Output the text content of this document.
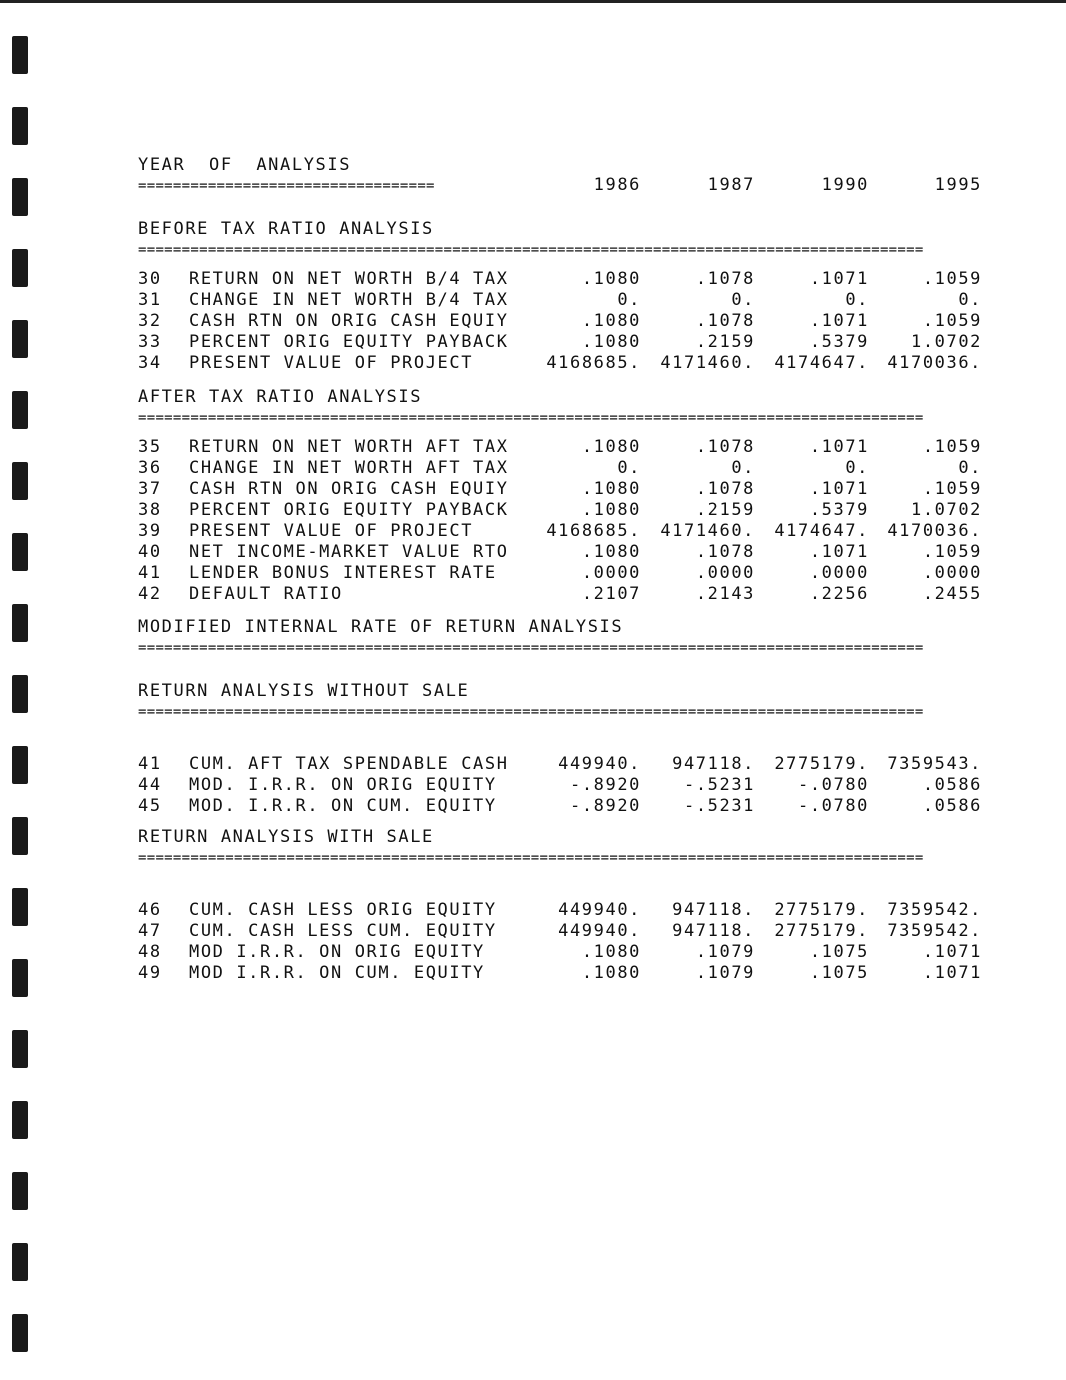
YEAR  OF  ANALYSIS
==================================	1986	1987	1990	1995
BEFORE TAX RATIO ANALYSIS
==========================================================================================
30 RETURN ON NET WORTH B/4 TAX	.1080	.1078	.1071	.1059
31 CHANGE IN NET WORTH B/4 TAX	0.	0.	0.	0.
32 CASH RTN ON ORIG CASH EQUIY	.1080	.1078	.1071	.1059
33 PERCENT ORIG EQUITY PAYBACK	.1080	.2159	.5379	1.0702
34 PRESENT VALUE OF PROJECT	4168685.	4171460.	4174647.	4170036.
AFTER TAX RATIO ANALYSIS
==========================================================================================
35 RETURN ON NET WORTH AFT TAX	.1080	.1078	.1071	.1059
36 CHANGE IN NET WORTH AFT TAX	0.	0.	0.	0.
37 CASH RTN ON ORIG CASH EQUIY	.1080	.1078	.1071	.1059
38 PERCENT ORIG EQUITY PAYBACK	.1080	.2159	.5379	1.0702
39 PRESENT VALUE OF PROJECT	4168685.	4171460.	4174647.	4170036.
40 NET INCOME-MARKET VALUE RTO	.1080	.1078	.1071	.1059
41 LENDER BONUS INTEREST RATE	.0000	.0000	.0000	.0000
42 DEFAULT RATIO	.2107	.2143	.2256	.2455
MODIFIED INTERNAL RATE OF RETURN ANALYSIS
==========================================================================================
RETURN ANALYSIS WITHOUT SALE
==========================================================================================
41 CUM. AFT TAX SPENDABLE CASH	449940.	947118.	2775179.	7359543.
44 MOD. I.R.R. ON ORIG EQUITY	-.8920	-.5231	-.0780	.0586
45 MOD. I.R.R. ON CUM. EQUITY	-.8920	-.5231	-.0780	.0586
RETURN ANALYSIS WITH SALE
==========================================================================================
46 CUM. CASH LESS ORIG EQUITY	449940.	947118.	2775179.	7359542.
47 CUM. CASH LESS CUM. EQUITY	449940.	947118.	2775179.	7359542.
48 MOD I.R.R. ON ORIG EQUITY	.1080	.1079	.1075	.1071
49 MOD I.R.R. ON CUM. EQUITY	.1080	.1079	.1075	.1071
